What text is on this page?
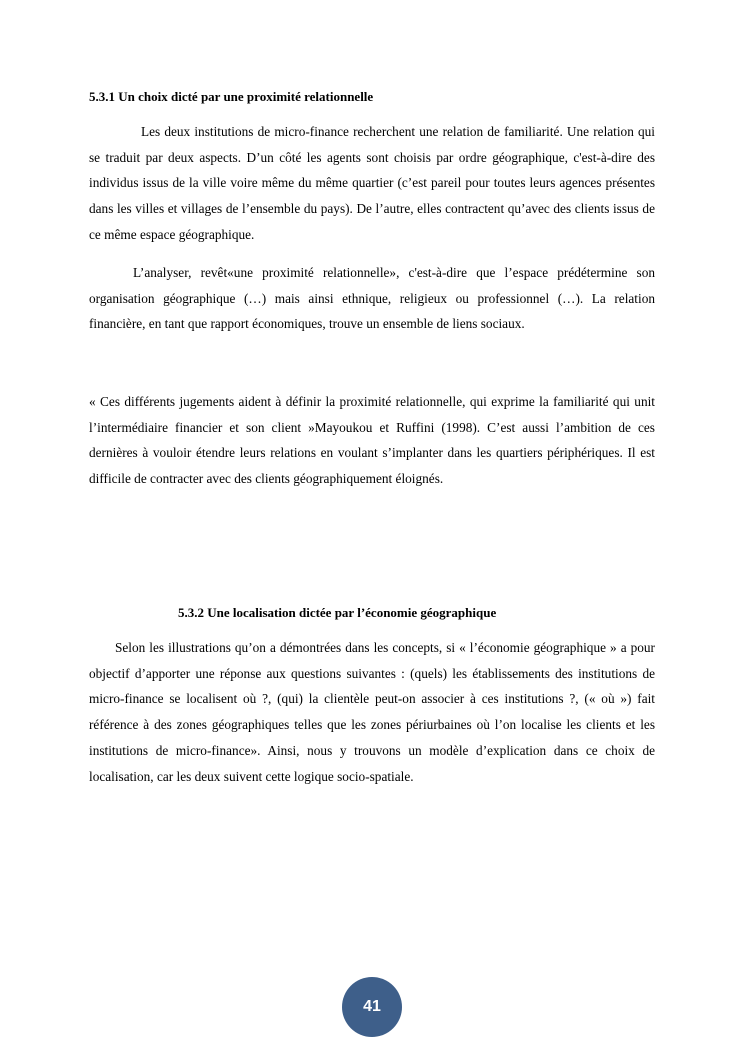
5.3.1 Un choix dicté par une proximité relationnelle

Les deux institutions de micro-finance recherchent une relation de familiarité. Une relation qui se traduit par deux aspects. D’un côté les agents sont choisis par ordre géographique, c'est-à-dire des individus issus de la ville voire même du même quartier (c’est pareil pour toutes leurs agences présentes dans les villes et villages de l’ensemble du pays). De l’autre, elles contractent qu’avec des clients issus de ce même espace géographique.

L’analyser, revêt«une proximité relationnelle», c'est-à-dire que l’espace prédétermine son organisation géographique (…) mais ainsi ethnique, religieux ou professionnel (…). La relation financière, en tant que rapport économiques, trouve un ensemble de liens sociaux.

« Ces différents jugements aident à définir la proximité relationnelle, qui exprime la familiarité qui unit l’intermédiaire financier et son client »Mayoukou et Ruffini (1998). C’est aussi l’ambition de ces dernières à vouloir étendre leurs relations en voulant s’implanter dans les quartiers périphériques. Il est difficile de contracter avec des clients géographiquement éloignés.

5.3.2 Une localisation dictée par l’économie géographique

Selon les illustrations qu’on a démontrées dans les concepts, si « l’économie géographique » a pour objectif d’apporter une réponse aux questions suivantes : (quels) les établissements des institutions de micro-finance se localisent où ?, (qui) la clientèle peut-on associer à ces institutions ?, (« où ») fait référence à des zones géographiques telles que les zones périurbaines où l’on localise les clients et les institutions de micro-finance». Ainsi, nous y trouvons un modèle d’explication dans ce choix de localisation, car les deux suivent cette logique socio-spatiale.

41
